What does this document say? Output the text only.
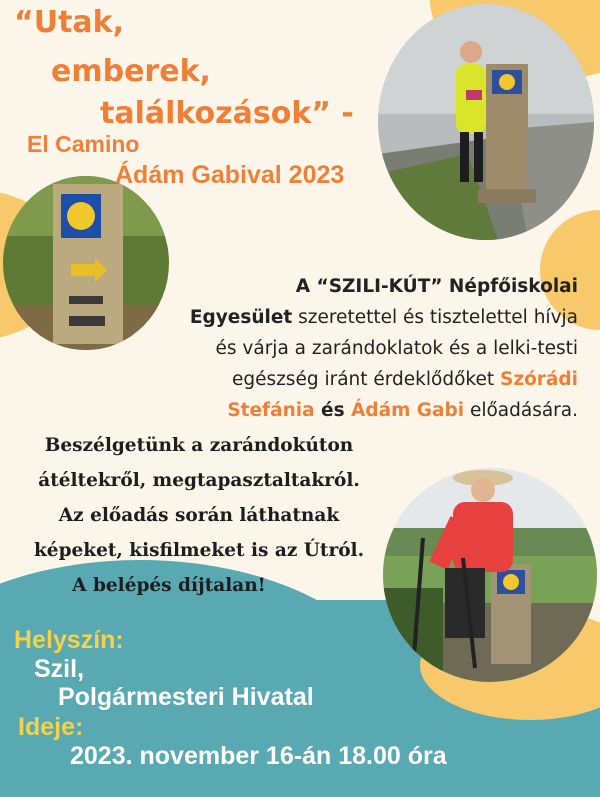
“Utak,
emberek,
találkozások” -
El Camino
Ádám Gabival 2023
A “SZILI-KÚT” Népfőiskolai
Egyesület szeretettel és tisztelettel hívja
és várja a zarándoklatok és a lelki-testi
egészség iránt érdeklődőket Szórádi
Stefánia és Ádám Gabi előadására.
Beszélgetünk a zarándokúton
átéltekről, megtapasztaltakról.
Az előadás során láthatnak
képeket, kisfilmeket is az Útról.
A belépés díjtalan!
Helyszín:
Szil,
Polgármesteri Hivatal
Ideje:
2023. november 16-án 18.00 óra
